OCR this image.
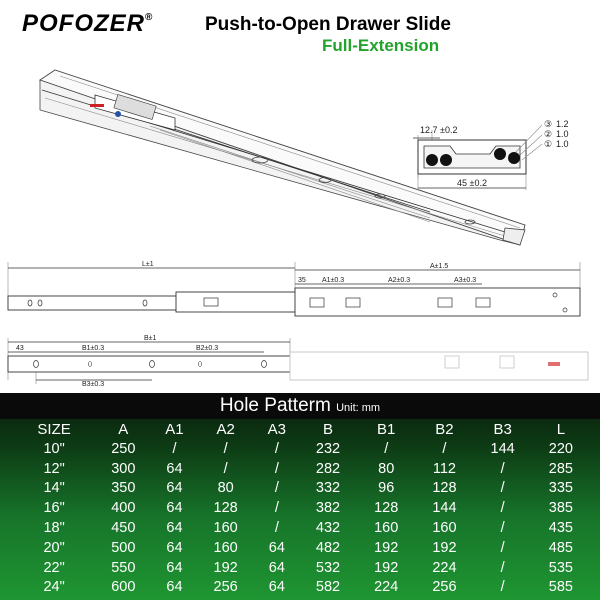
POFOZER®	Push-to-Open Drawer Slide
Full-Extension
12.7 ±0.2
45 ±0.2
③ 1.2
② 1.0
① 1.0
L±1	A±1.5
35 A1±0.3	A2±0.3	A3±0.3
B±1
43	B1±0.3	B2±0.3
B3±0.3
Hole Patterm Unit: mm
SIZE	A	A1	A2	A3	B	B1	B2	B3	L
10"	250	/	/	/	232	/	/	144	220
12"	300	64	/	/	282	80	112	/	285
14"	350	64	80	/	332	96	128	/	335
16"	400	64	128	/	382	128	144	/	385
18"	450	64	160	/	432	160	160	/	435
20"	500	64	160	64	482	192	192	/	485
22"	550	64	192	64	532	192	224	/	535
24"	600	64	256	64	582	224	256	/	585
